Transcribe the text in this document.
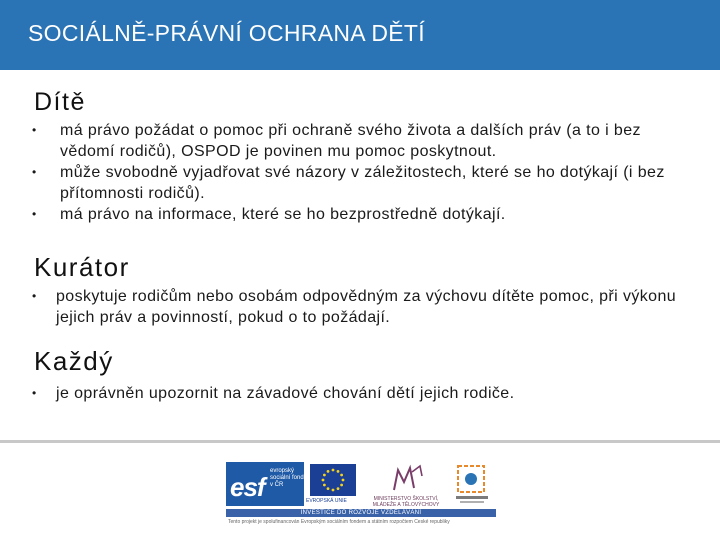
SOCIÁLNĚ-PRÁVNÍ OCHRANA DĚTÍ
Dítě
• má právo požádat o pomoc při ochraně svého života a dalších práv (a to i bez vědomí rodičů), OSPOD je povinen mu pomoc poskytnout.
• může svobodně vyjadřovat své názory v záležitostech, které se ho dotýkají (i bez přítomnosti rodičů).
• má právo na informace, které se ho bezprostředně dotýkají.
Kurátor
• poskytuje rodičům nebo osobám odpovědným za výchovu dítěte pomoc, při výkonu jejich práv a povinností, pokud o to požádají.
Každý
• je oprávněn upozornit na závadové chování dětí jejich rodiče.
esf
evropský sociální fond v ČR
EVROPSKÁ UNIE	MINISTERSTVO ŠKOLSTVÍ, MLÁDEŽE A TĚLOVÝCHOVY
INVESTICE DO ROZVOJE VZDĚLÁVÁNÍ
Tento projekt je spolufinancován Evropským sociálním fondem a státním rozpočtem České republiky
